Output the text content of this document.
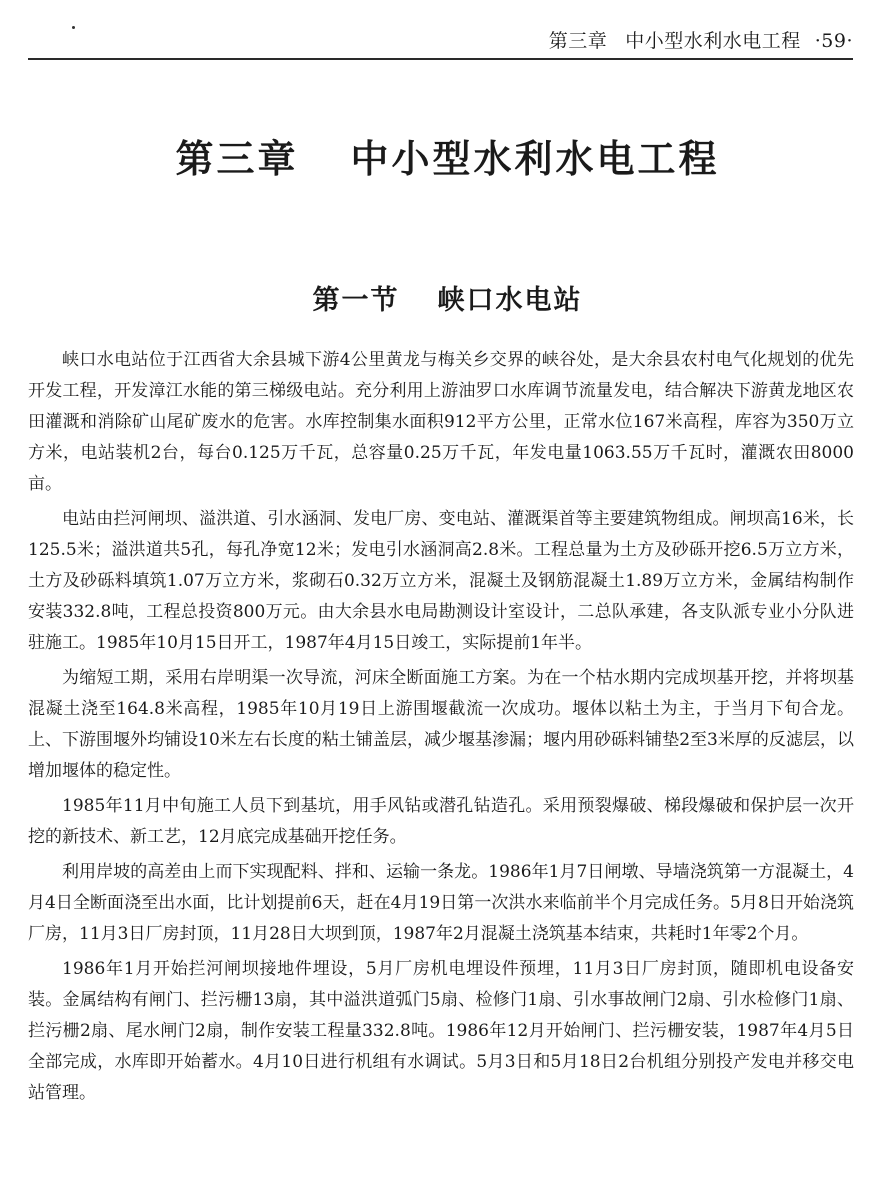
第三章 中小型水利水电工程 ·59·
第三章 中小型水利水电工程
第一节 峡口水电站

峡口水电站位于江西省大余县城下游4公里黄龙与梅关乡交界的峡谷处，是大余县农村电气化规划的优先开发工程，开发漳江水能的第三梯级电站。充分利用上游油罗口水库调节流量发电，结合解决下游黄龙地区农田灌溉和消除矿山尾矿废水的危害。水库控制集水面积912平方公里，正常水位167米高程，库容为350万立方米，电站装机2台，每台0.125万千瓦，总容量0.25万千瓦，年发电量1063.55万千瓦时，灌溉农田8000亩。

电站由拦河闸坝、溢洪道、引水涵洞、发电厂房、变电站、灌溉渠首等主要建筑物组成。闸坝高16米，长125.5米；溢洪道共5孔，每孔净宽12米；发电引水涵洞高2.8米。工程总量为土方及砂砾开挖6.5万立方米，土方及砂砾料填筑1.07万立方米，浆砌石0.32万立方米，混凝土及钢筋混凝土1.89万立方米，金属结构制作安装332.8吨，工程总投资800万元。由大余县水电局勘测设计室设计，二总队承建，各支队派专业小分队进驻施工。1985年10月15日开工，1987年4月15日竣工，实际提前1年半。

为缩短工期，采用右岸明渠一次导流，河床全断面施工方案。为在一个枯水期内完成坝基开挖，并将坝基混凝土浇至164.8米高程，1985年10月19日上游围堰截流一次成功。堰体以粘土为主，于当月下旬合龙。上、下游围堰外均铺设10米左右长度的粘土铺盖层，减少堰基渗漏；堰内用砂砾料铺垫2至3米厚的反滤层，以增加堰体的稳定性。

1985年11月中旬施工人员下到基坑，用手风钻或潜孔钻造孔。采用预裂爆破、梯段爆破和保护层一次开挖的新技术、新工艺，12月底完成基础开挖任务。

利用岸坡的高差由上而下实现配料、拌和、运输一条龙。1986年1月7日闸墩、导墙浇筑第一方混凝土，4月4日全断面浇至出水面，比计划提前6天，赶在4月19日第一次洪水来临前半个月完成任务。5月8日开始浇筑厂房，11月3日厂房封顶，11月28日大坝到顶，1987年2月混凝土浇筑基本结束，共耗时1年零2个月。

1986年1月开始拦河闸坝接地件埋设，5月厂房机电埋设件预埋，11月3日厂房封顶，随即机电设备安装。金属结构有闸门、拦污栅13扇，其中溢洪道弧门5扇、检修门1扇、引水事故闸门2扇、引水检修门1扇、拦污栅2扇、尾水闸门2扇，制作安装工程量332.8吨。1986年12月开始闸门、拦污栅安装，1987年4月5日全部完成，水库即开始蓄水。4月10日进行机组有水调试。5月3日和5月18日2台机组分别投产发电并移交电站管理。
